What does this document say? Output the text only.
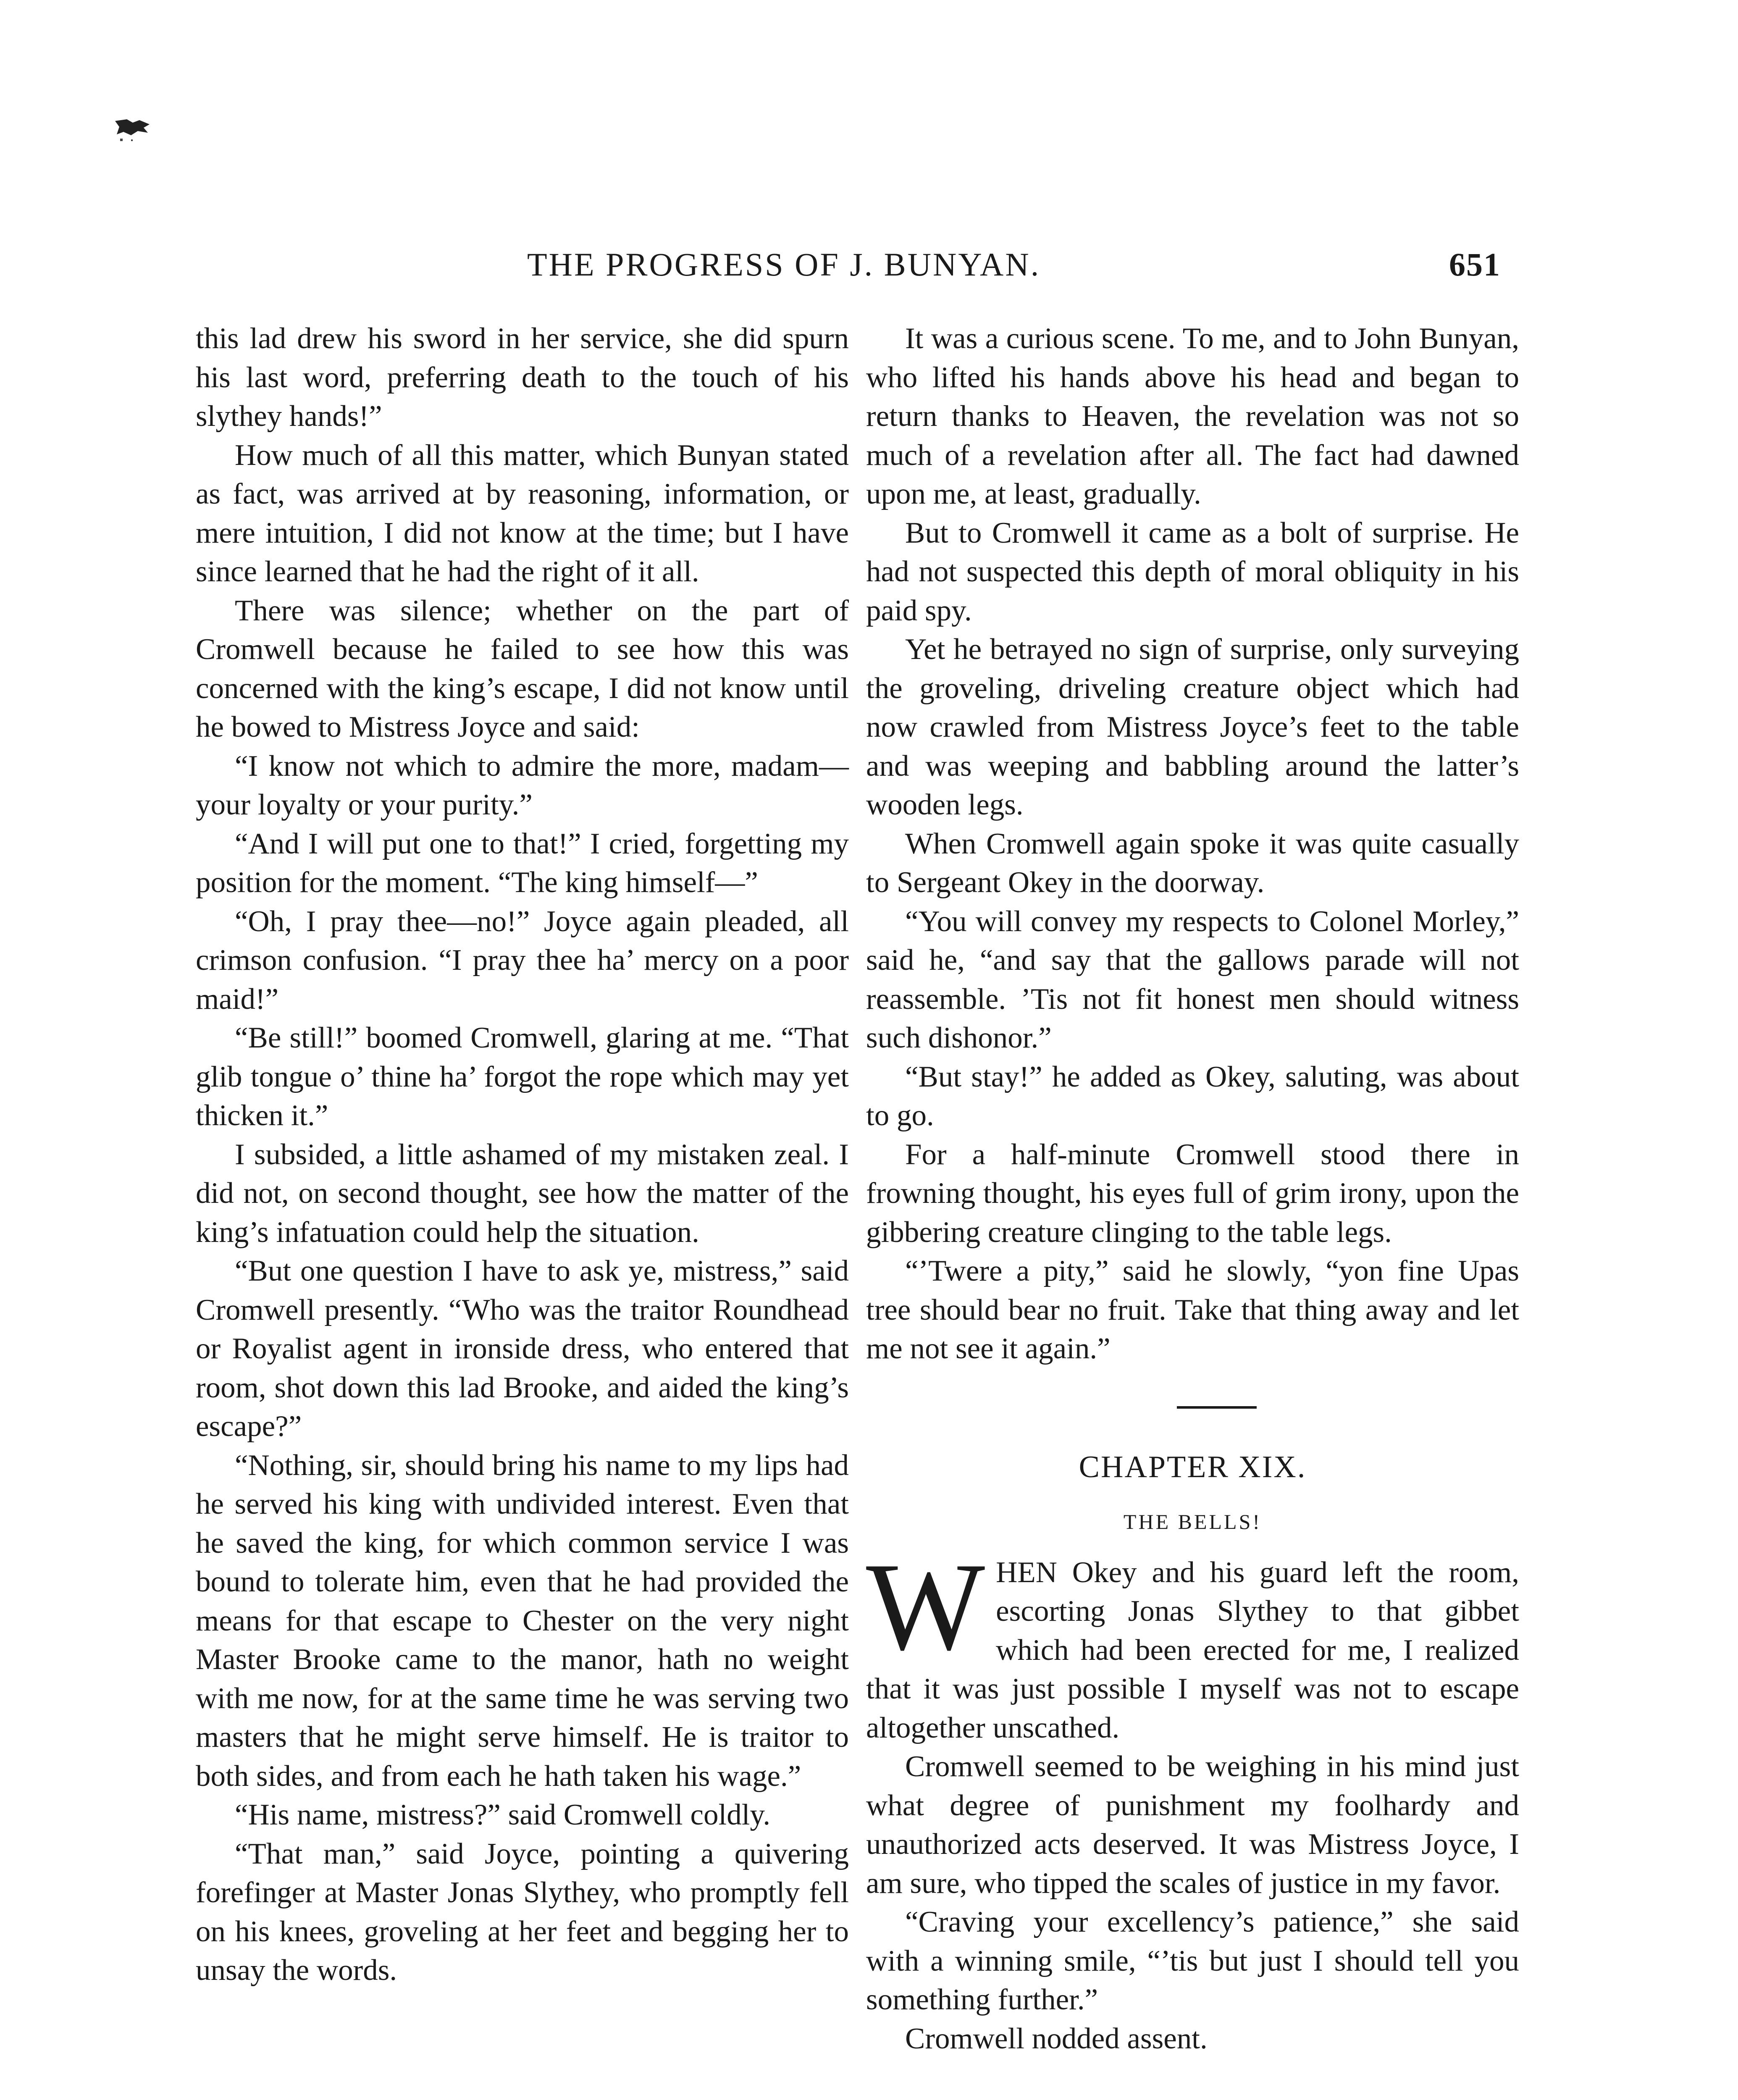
THE PROGRESS OF J. BUNYAN.	651

this lad drew his sword in her service, she did spurn his last word, preferring death to the touch of his slythey hands!”

How much of all this matter, which Bunyan stated as fact, was arrived at by reasoning, information, or mere intuition, I did not know at the time; but I have since learned that he had the right of it all.

There was silence; whether on the part of Cromwell because he failed to see how this was concerned with the king’s escape, I did not know until he bowed to Mistress Joyce and said:

“I know not which to admire the more, madam—your loyalty or your purity.”

“And I will put one to that!” I cried, forgetting my position for the moment. “The king himself—”

“Oh, I pray thee—no!” Joyce again pleaded, all crimson confusion. “I pray thee ha’ mercy on a poor maid!”

“Be still!” boomed Cromwell, glaring at me. “That glib tongue o’ thine ha’ forgot the rope which may yet thicken it.”

I subsided, a little ashamed of my mistaken zeal. I did not, on second thought, see how the matter of the king’s infatuation could help the situation.

“But one question I have to ask ye, mistress,” said Cromwell presently. “Who was the traitor Roundhead or Royalist agent in ironside dress, who entered that room, shot down this lad Brooke, and aided the king’s escape?”

“Nothing, sir, should bring his name to my lips had he served his king with undivided interest. Even that he saved the king, for which common service I was bound to tolerate him, even that he had provided the means for that escape to Chester on the very night Master Brooke came to the manor, hath no weight with me now, for at the same time he was serving two masters that he might serve himself. He is traitor to both sides, and from each he hath taken his wage.”

“His name, mistress?” said Cromwell coldly.

“That man,” said Joyce, pointing a quivering forefinger at Master Jonas Slythey, who promptly fell on his knees, groveling at her feet and begging her to unsay the words.

It was a curious scene. To me, and to John Bunyan, who lifted his hands above his head and began to return thanks to Heaven, the revelation was not so much of a revelation after all. The fact had dawned upon me, at least, gradually.

But to Cromwell it came as a bolt of surprise. He had not suspected this depth of moral obliquity in his paid spy.

Yet he betrayed no sign of surprise, only surveying the groveling, driveling creature object which had now crawled from Mistress Joyce’s feet to the table and was weeping and babbling around the latter’s wooden legs.

When Cromwell again spoke it was quite casually to Sergeant Okey in the doorway.

“You will convey my respects to Colonel Morley,” said he, “and say that the gallows parade will not reassemble. ’Tis not fit honest men should witness such dishonor.”

“But stay!” he added as Okey, saluting, was about to go.

For a half-minute Cromwell stood there in frowning thought, his eyes full of grim irony, upon the gibbering creature clinging to the table legs.

“’Twere a pity,” said he slowly, “yon fine Upas tree should bear no fruit. Take that thing away and let me not see it again.”

CHAPTER XIX.
THE BELLS!

WHEN Okey and his guard left the room, escorting Jonas Slythey to that gibbet which had been erected for me, I realized that it was just possible I myself was not to escape altogether unscathed.

Cromwell seemed to be weighing in his mind just what degree of punishment my foolhardy and unauthorized acts deserved. It was Mistress Joyce, I am sure, who tipped the scales of justice in my favor.

“Craving your excellency’s patience,” she said with a winning smile, “’tis but just I should tell you something further.”

Cromwell nodded assent.
